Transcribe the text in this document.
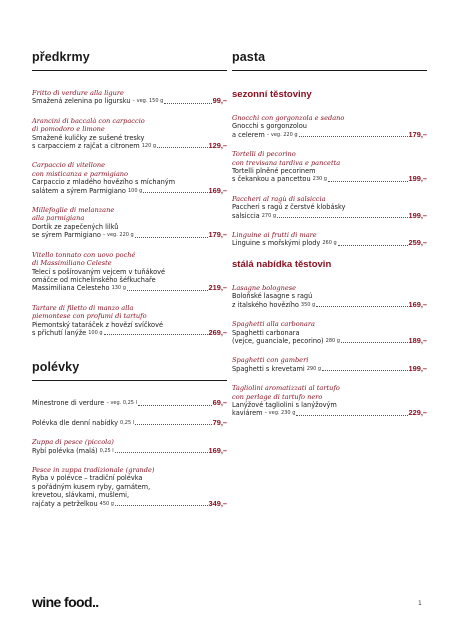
předkrmy
Fritto di verdure alla ligure
Smažená zelenina po ligursku – veg. 150 g	99,–
Arancini di baccalà con carpaccio
di pomodoro e limone
Smažené kuličky ze sušené tresky
s carpacciem z rajčat a citronem 120 g	129,–
Carpaccio di vitellone
con misticanza e parmigiano
Carpaccio z mladého hovězího s míchaným
salátem a sýrem Parmigiano 100 g	169,–
Millefoglie di melanzane
alla parmigiana
Dortík ze zapečených lilků
se sýrem Parmigiano – veg. 220 g	179,–
Vitello tonnato con uovo poché
di Massimiliano Celeste
Telecí s pošírovaným vejcem v tuňákové
omáčce od michelinského šéfkuchaře
Massimiliana Celesteho 130 g	219,–
Tartare di filetto di manzo alla
piemontese con profumi di tartufo
Piemontský tataráček z hovězí svíčkové
s příchutí lanýže 100 g	269,–
polévky
Minestrone di verdure – veg. 0,25 l	69,–
Polévka dle denní nabídky 0,25 l	79,–
Zuppa di pesce (piccola)
Rybí polévka (malá) 0,25 l	169,–
Pesce in zuppa tradizionale (grande)
Ryba v polévce – tradiční polévka
s pořádným kusem ryby, garnátem,
krevetou, slávkami, mušlemi,
rajčaty a petrželkou 450 g	349,–
pasta
sezonní těstoviny
Gnocchi con gorgonzola e sedano
Gnocchi s gorgonzolou
a celerem – veg. 220 g	179,–
Tortelli di pecorino
con trevisana tardiva e pancetta
Tortelli plněné pecorinem
s čekankou a pancettou 230 g	199,–
Paccheri al ragù di salsiccia
Paccheri s ragú z čerstvé klobásky
salsiccia 270 g	199,–
Linguine ai frutti di mare
Linguine s mořskými plody 260 g	259,–
stálá nabídka těstovin
Lasagne bolognese
Boloňské lasagne s ragú
z italského hovězího 350 g	169,–
Spaghetti alla carbonara
Spaghetti carbonara
(vejce, guanciale, pecorino) 280 g	189,–
Spaghetti con gamberi
Spaghetti s krevetami 290 g	199,–
Tagliolini aromatizzati al tartufo
con perlage di tartufo nero
Lanýžové tagliolini s lanýžovým
kaviárem – veg. 230 g	229,–
wine food..	1
